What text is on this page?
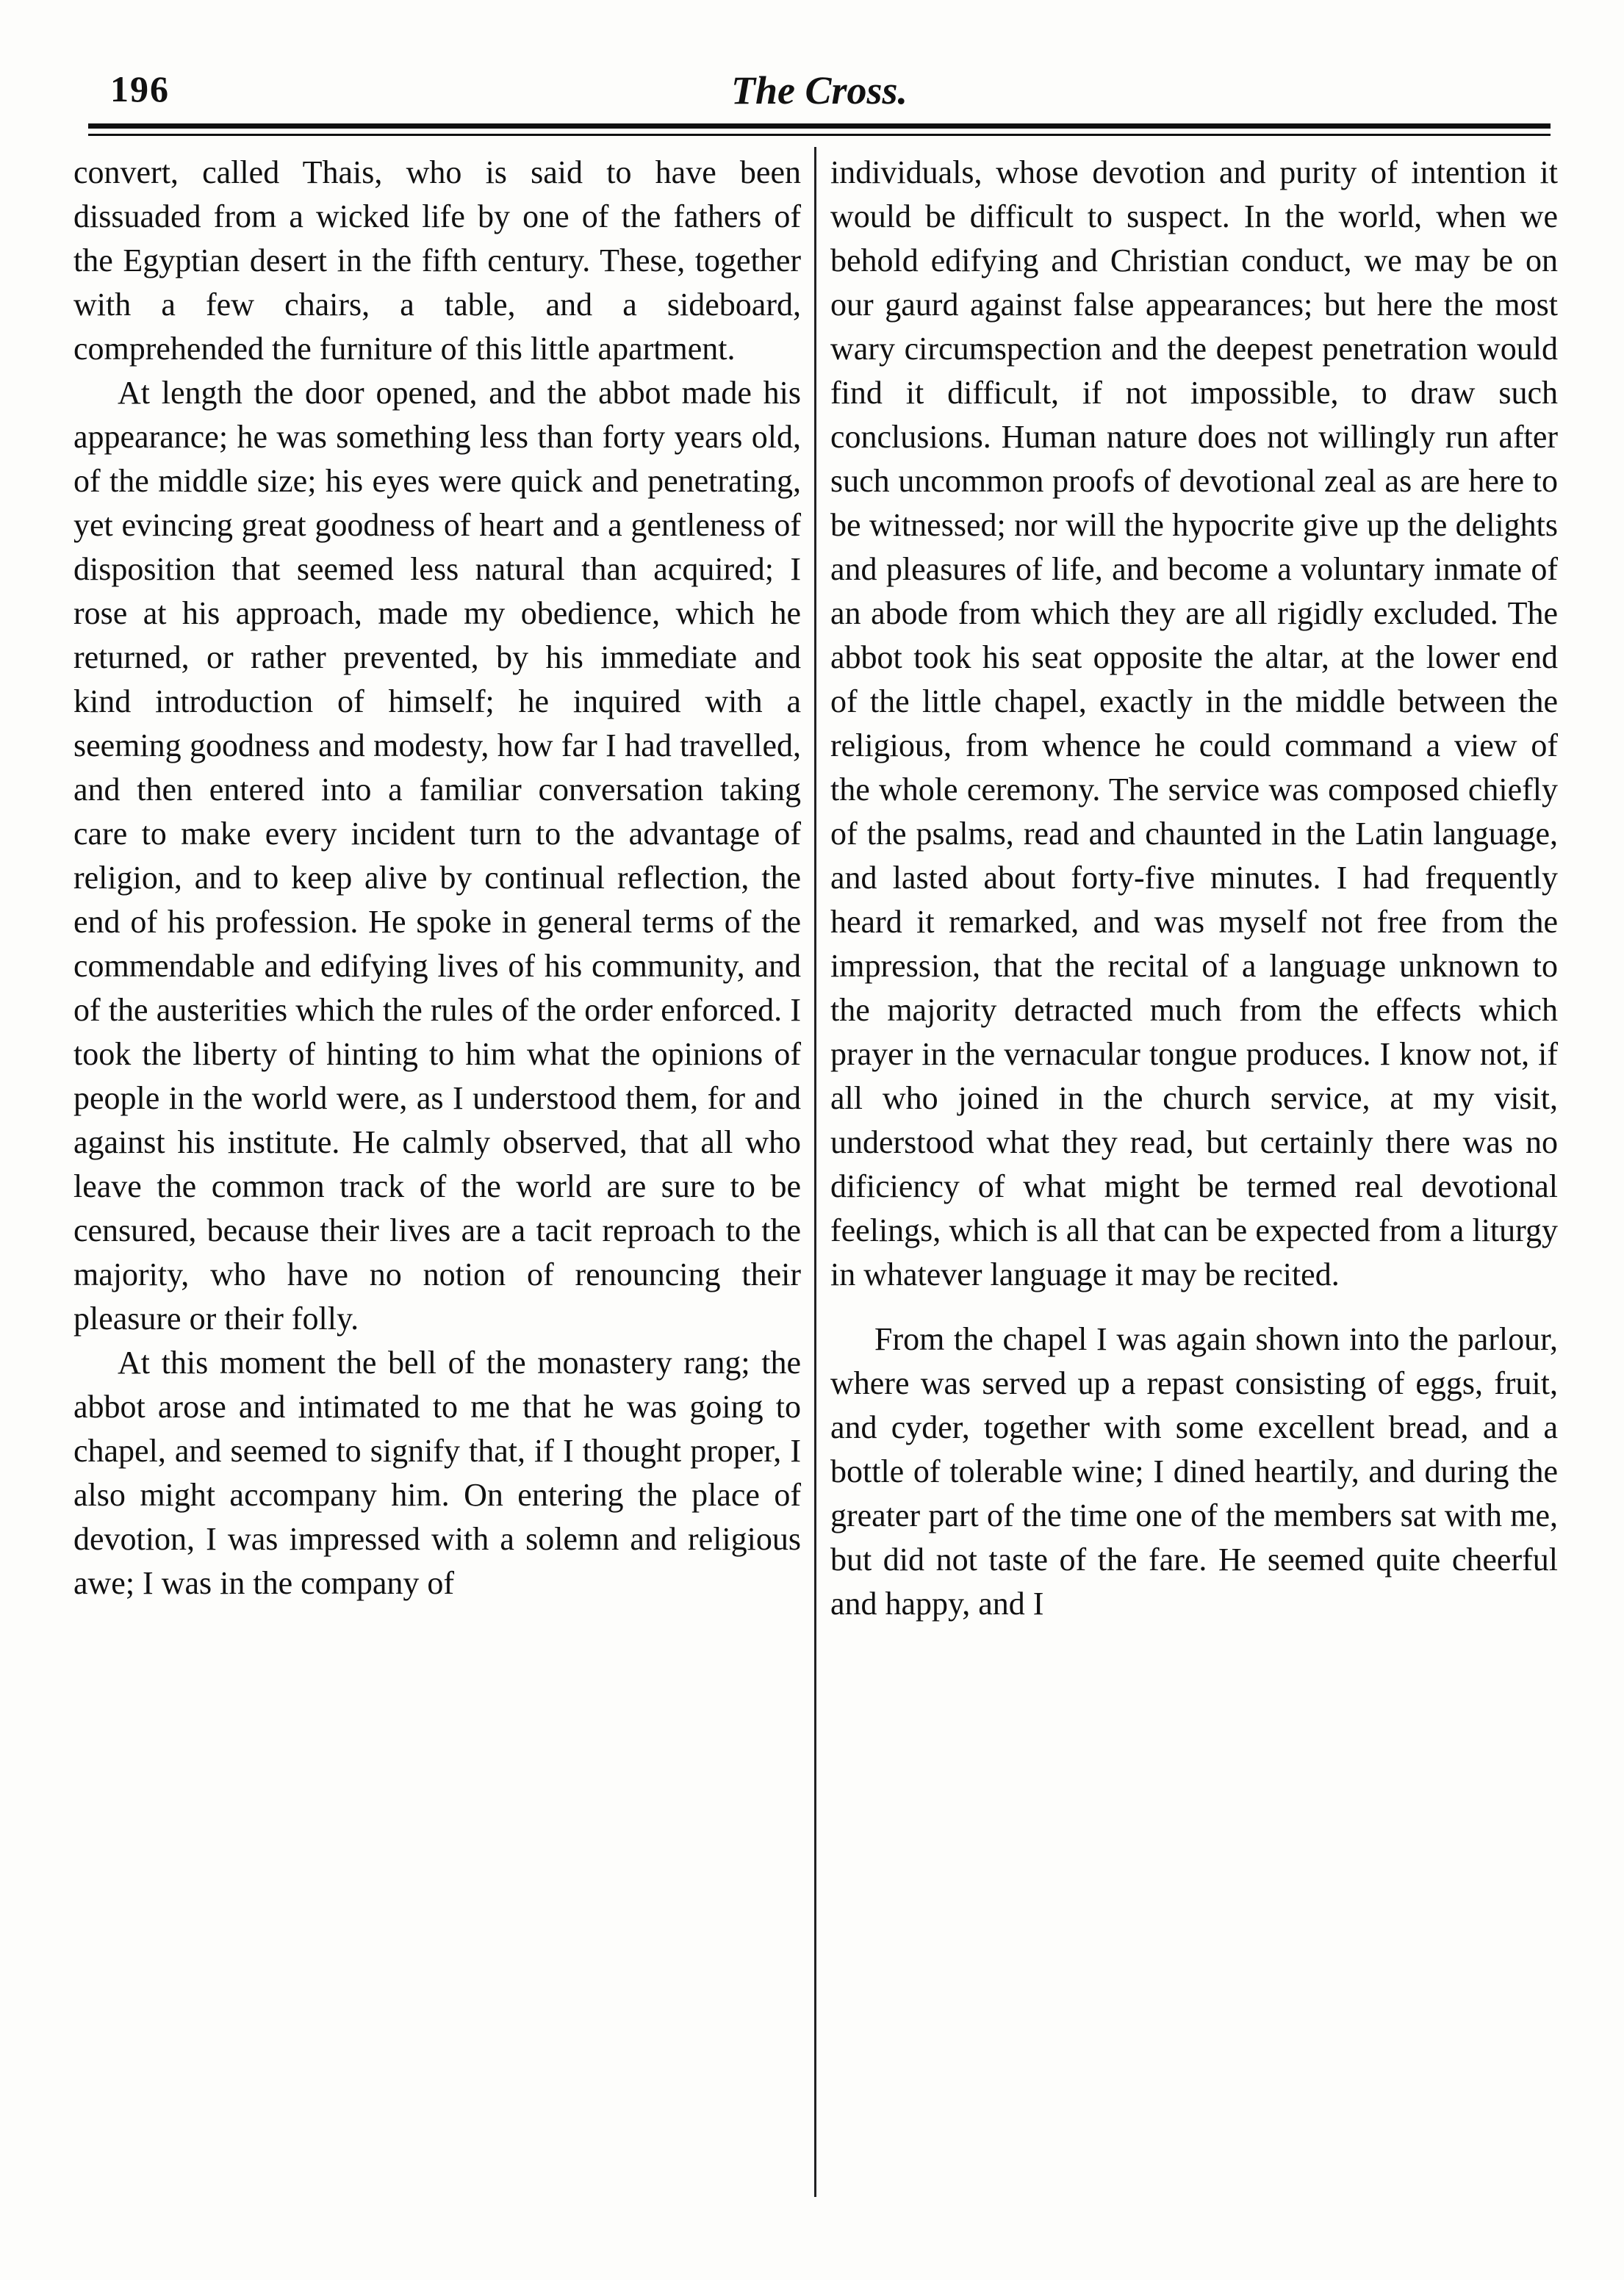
196	The Cross.

convert, called Thais, who is said to have been dissuaded from a wicked life by one of the fathers of the Egyptian desert in the fifth century. These, together with a few chairs, a table, and a sideboard, comprehended the furniture of this little apartment.

At length the door opened, and the abbot made his appearance; he was something less than forty years old, of the middle size; his eyes were quick and penetrating, yet evincing great goodness of heart and a gentleness of disposition that seemed less natural than acquired; I rose at his approach, made my obedience, which he returned, or rather prevented, by his immediate and kind introduction of himself; he inquired with a seeming goodness and modesty, how far I had travelled, and then entered into a familiar conversation taking care to make every incident turn to the advantage of religion, and to keep alive by continual reflection, the end of his profession. He spoke in general terms of the commendable and edifying lives of his community, and of the austerities which the rules of the order enforced. I took the liberty of hinting to him what the opinions of people in the world were, as I understood them, for and against his institute. He calmly observed, that all who leave the common track of the world are sure to be censured, because their lives are a tacit reproach to the majority, who have no notion of renouncing their pleasure or their folly.

At this moment the bell of the monastery rang; the abbot arose and intimated to me that he was going to chapel, and seemed to signify that, if I thought proper, I also might accompany him. On entering the place of devotion, I was impressed with a solemn and religious awe; I was in the company of

individuals, whose devotion and purity of intention it would be difficult to suspect. In the world, when we behold edifying and Christian conduct, we may be on our gaurd against false appearances; but here the most wary circumspection and the deepest penetration would find it difficult, if not impossible, to draw such conclusions. Human nature does not willingly run after such uncommon proofs of devotional zeal as are here to be witnessed; nor will the hypocrite give up the delights and pleasures of life, and become a voluntary inmate of an abode from which they are all rigidly excluded. The abbot took his seat opposite the altar, at the lower end of the little chapel, exactly in the middle between the religious, from whence he could command a view of the whole ceremony. The service was composed chiefly of the psalms, read and chaunted in the Latin language, and lasted about forty-five minutes. I had frequently heard it remarked, and was myself not free from the impression, that the recital of a language unknown to the majority detracted much from the effects which prayer in the vernacular tongue produces. I know not, if all who joined in the church service, at my visit, understood what they read, but certainly there was no dificiency of what might be termed real devotional feelings, which is all that can be expected from a liturgy in whatever language it may be recited.

From the chapel I was again shown into the parlour, where was served up a repast consisting of eggs, fruit, and cyder, together with some excellent bread, and a bottle of tolerable wine; I dined heartily, and during the greater part of the time one of the members sat with me, but did not taste of the fare. He seemed quite cheerful and happy, and I
